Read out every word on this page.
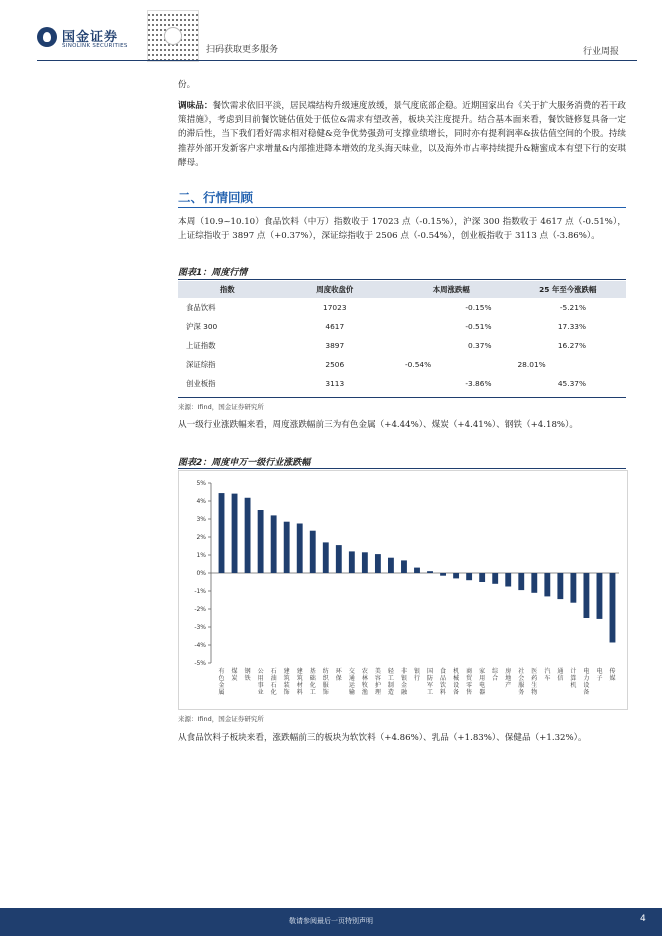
国金证券
SINOLINK SECURITIES	扫码获取更多服务	行业周报
份。
调味品：餐饮需求依旧平淡，居民端结构升级速度放缓，景气度底部企稳。近期国家出台《关于扩大服务消费的若干政策措施》，考虑到目前餐饮链估值处于低位&需求有望改善，板块关注度提升。结合基本面来看，餐饮链修复具备一定的滞后性，当下我们看好需求相对稳健&竞争优势强劲可支撑业绩增长，同时亦有提利润率&拔估值空间的个股。持续推荐外部开发新客户求增量&内部推进降本增效的龙头海天味业，以及海外市占率持续提升&糖蜜成本有望下行的安琪酵母。
二、行情回顾
本周（10.9~10.10）食品饮料（中万）指数收于 17023 点（-0.15%），沪深 300 指数收于 4617 点（-0.51%），上证综指收于 3897 点（+0.37%），深证综指收于 2506 点（-0.54%），创业板指收于 3113 点（-3.86%）。
图表1：周度行情
指数	周度收盘价	本周涨跌幅	25 年至今涨跌幅
食品饮料	17023	-0.15%	-5.21%
沪深 300	4617	-0.51%	17.33%
上证指数	3897	0.37%	16.27%
深证综指	2506	-0.54%	28.01%
创业板指	3113	-3.86%	45.37%
来源：Ifind，国金证券研究所
从一级行业涨跌幅来看，周度涨跌幅前三为有色金属（+4.44%）、煤炭（+4.41%）、钢铁（+4.18%）。
图表2：周度申万一级行业涨跌幅
5%
4%
3%
2%
1%
0%
-1%
-2%
-3%
-4%
-5%
有色金属
煤炭
钢铁
公用事业
石油石化
建筑装饰
建筑材料
基础化工
纺织服饰
环保
交通运输
农林牧渔
美容护理
轻工制造
非银金融
银行
国防军工
食品饮料
机械设备
商贸零售
家用电器
综合
房地产
社会服务
医药生物
汽车
通信
计算机
电力设备
电子
传媒
来源：Ifind，国金证券研究所
从食品饮料子板块来看，涨跌幅前三的板块为软饮料（+4.86%）、乳品（+1.83%）、保健品（+1.32%）。
敬请参阅最后一页特别声明	4
